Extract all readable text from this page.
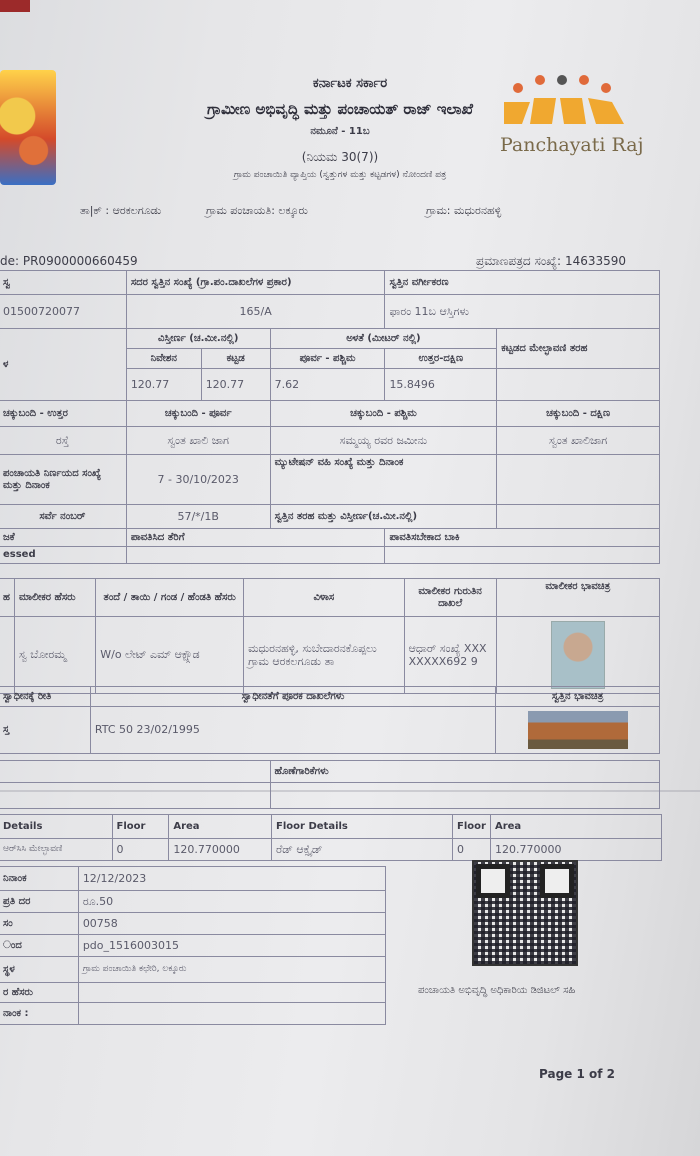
ಕರ್ನಾಟಕ ಸರ್ಕಾರ
ಗ್ರಾಮೀಣ ಅಭಿವೃದ್ಧಿ ಮತ್ತು ಪಂಚಾಯತ್ ರಾಜ್ ಇಲಾಖೆ
ನಮೂನೆ - 11ಬ
(ನಿಯಮ 30(7))
ಗ್ರಾಮ ಪಂಚಾಯಿತಿ ವ್ಯಾಪ್ತಿಯ (ಸ್ವತ್ತುಗಳ ಮತ್ತು ಕಟ್ಟಡಗಳ) ನೋಂದಣಿ ಪತ್ರ
Panchayati Raj
ತಾ|ಕ್ : ಆರಕಲಗೂಡು	ಗ್ರಾಮ ಪಂಚಾಯತಿ: ಲಕ್ಕೂರು	ಗ್ರಾಮ: ಮಧುರನಹಳ್ಳಿ
de: PR0900000660459	ಪ್ರಮಾಣಪತ್ರದ ಸಂಖ್ಯೆ: 14633590
ಸ್ವ	ಸದರ ಸ್ವತ್ತಿನ ಸಂಖ್ಯೆ (ಗ್ರಾ.ಪಂ.ದಾಖಲೆಗಳ ಪ್ರಕಾರ)			ಸ್ವತ್ತಿನ ವರ್ಗೀಕರಣ	
01500720077	165/A			ಫಾರಂ 11ಬ ಆಸ್ತಿಗಳು	
ಳ	ವಿಸ್ತೀರ್ಣ (ಚ.ಮೀ.ನಲ್ಲಿ)		ಅಳತೆ (ಮೀಟರ್ ನಲ್ಲಿ)		ಕಟ್ಟಡದ ಮೇಲ್ಛಾವಣಿ ತರಹ
	ನಿವೇಶನ	ಕಟ್ಟಡ	ಪೂರ್ವ - ಪಶ್ಚಿಮ	ಉತ್ತರ-ದಕ್ಷಿಣ	
	120.77	120.77	7.62	15.8496	
ಚಕ್ಕುಬಂದಿ - ಉತ್ತರ	ಚಕ್ಕುಬಂದಿ - ಪೂರ್ವ		ಚಕ್ಕುಬಂದಿ - ಪಶ್ಚಿಮ		ಚಕ್ಕುಬಂದಿ - ದಕ್ಷಿಣ
ರಸ್ತೆ	ಸ್ವಂತ ಖಾಲಿ ಜಾಗ		ಸಮ್ಮಯ್ಯ ರವರ ಜಮೀನು		ಸ್ವಂತ ಖಾಲಿಜಾಗ
ಪಂಚಾಯತಿ ನಿರ್ಣಯದ ಸಂಖ್ಯೆ ಮತ್ತು ದಿನಾಂಕ	7 - 30/10/2023		ಮ್ಯುಟೇಷನ್ ವಹಿ ಸಂಖ್ಯೆ ಮತ್ತು ದಿನಾಂಕ		
ಸರ್ವೆ ನಂಬರ್	57/*/1B		ಸ್ವತ್ತಿನ ತರಹ ಮತ್ತು ವಿಸ್ತೀರ್ಣ(ಚ.ಮೀ.ನಲ್ಲಿ)		
ಜಕೆ	ಪಾವತಿಸಿದ ತೆರಿಗೆ			ಪಾವತಿಸಬೇಕಾದ ಬಾಕಿ	
essed					
ಹ	ಮಾಲೀಕರ ಹೆಸರು	ತಂದೆ / ತಾಯಿ / ಗಂಡ / ಹೆಂಡತಿ ಹೆಸರು	ವಿಳಾಸ	ಮಾಲೀಕರ ಗುರುತಿನ ದಾಖಲೆ	ಮಾಲೀಕರ ಭಾವಚಿತ್ರ
	ಸ್ವ ಬೋರಮ್ಮ	W/o ಲೇಟ್ ಎಮ್ ಆಕ್ಷ್ಗೌಡ	ಮಧುರನಹಳ್ಳಿ, ಸುಬೇದಾರನಕೊಪ್ಪಲು ಗ್ರಾಮ ಆರಕಲಗೂಡು ತಾ	ಆಧಾರ್ ಸಂಖ್ಯೆ XXXXXXXX692 9	
ಸ್ವಾಧೀನಕ್ಕೆ ರೀತಿ	ಸ್ವಾಧೀನತೆಗೆ ಪೂರಕ ದಾಖಲೆಗಳು	ಸ್ವತ್ತಿನ ಭಾವಚಿತ್ರ
ಸ್ತ	RTC 50 23/02/1995	
	ಹೊಣೆಗಾರಿಕೆಗಳು

Details	Floor	Area	Floor Details	Floor	Area
ಆರ್‌ಸಿಸಿ ಮೇಲ್ಛಾವಣಿ	0	120.770000	ರೆಡ್ ಆಕ್ಸೈಡ್	0	120.770000
ನಿನಾಂಕ	12/12/2023
ಪ್ರತಿ ದರ	ರೂ.50
ಸಂ	00758
ಂದ	pdo_1516003015
ಸ್ಥಳ	ಗ್ರಾಮ ಪಂಚಾಯಿತಿ ಕಛೇರಿ, ಲಕ್ಕೂರು
ರ ಹೆಸರು	
ನಾಂಕ :	
ಪಂಚಾಯತಿ ಅಭಿವೃದ್ಧಿ ಅಧಿಕಾರಿಯ ಡಿಜಿಟಲ್ ಸಹಿ
Page 1 of 2
